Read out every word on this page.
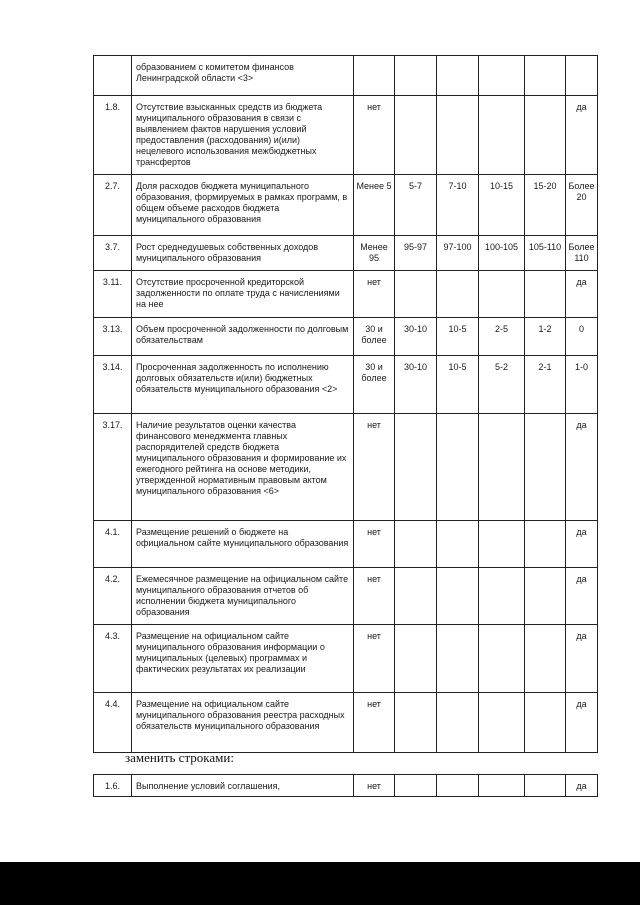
	образованием с комитетом финансов Ленинградской области <3>						
1.8.	Отсутствие взысканных средств из бюджета муниципального образования в связи с выявлением фактов нарушения условий предоставления (расходования) и(или) нецелевого использования межбюджетных трансфертов	нет					да
2.7.	Доля расходов бюджета муниципального образования, формируемых в рамках программ, в общем объеме расходов бюджета муниципального образования	Менее 5	5-7	7-10	10-15	15-20	Более 20
3.7.	Рост среднедушевых собственных доходов муниципального образования	Менее 95	95-97	97-100	100-105	105-110	Более 110
3.11.	Отсутствие просроченной кредиторской задолженности по оплате труда с начислениями на нее	нет					да
3.13.	Объем просроченной задолженности по долговым обязательствам	30 и более	30-10	10-5	2-5	1-2	0
3.14.	Просроченная задолженность по исполнению долговых обязательств и(или) бюджетных обязательств муниципального образования <2>	30 и более	30-10	10-5	5-2	2-1	1-0
3.17.	Наличие результатов оценки качества финансового менеджмента главных распорядителей средств бюджета муниципального образования и формирование их ежегодного рейтинга на основе методики, утвержденной нормативным правовым актом муниципального образования <6>	нет					да
4.1.	Размещение решений о бюджете на официальном сайте муниципального образования	нет					да
4.2.	Ежемесячное размещение на официальном сайте муниципального образования отчетов об исполнении бюджета муниципального образования	нет					да
4.3.	Размещение на официальном сайте муниципального образования информации о муниципальных (целевых) программах и фактических результатах их реализации	нет					да
4.4.	Размещение на официальном сайте муниципального образования реестра расходных обязательств муниципального образования	нет					да
заменить строками:
1.6.	Выполнение условий соглашения,	нет					да
